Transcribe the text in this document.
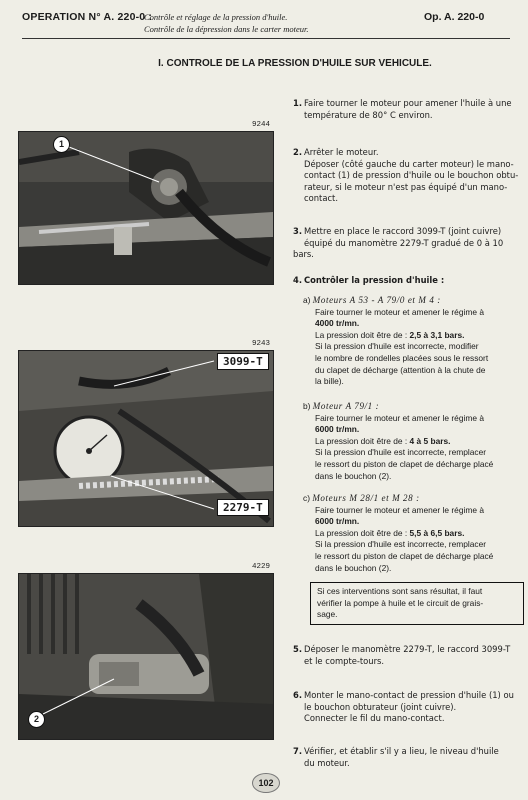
OPERATION N° A. 220-0 :
Contrôle et réglage de la pression d'huile.
Contrôle de la dépression dans le carter moteur.
Op. A. 220-0
I. CONTROLE DE LA PRESSION D'HUILE SUR VEHICULE.
9244
1
9243
3099-T
2279-T
4229
2
1. Faire tourner le moteur pour amener l'huile à une
température de 80° C environ.
2. Arrêter le moteur.
Déposer (côté gauche du carter moteur) le mano-
contact (1) de pression d'huile ou le bouchon obtu-
rateur, si le moteur n'est pas équipé d'un mano-
contact.
3. Mettre en place le raccord 3099-T (joint cuivre)
équipé du manomètre 2279-T gradué de 0 à 10 bars.
4. Contrôler la pression d'huile :
a) Moteurs A 53 - A 79/0 et M 4 :

Faire tourner le moteur et amener le régime à
4000 tr/mn.
La pression doit être de : 2,5 à 3,1 bars.
Si la pression d'huile est incorrecte, modifier
le nombre de rondelles placées sous le ressort
du clapet de décharge (attention à la chute de
la bille).
b) Moteur A 79/1 :

Faire tourner le moteur et amener le régime à
6000 tr/mn.
La pression doit être de : 4 à 5 bars.
Si la pression d'huile est incorrecte, remplacer
le ressort du piston de clapet de décharge placé
dans le bouchon (2).
c) Moteurs M 28/1 et M 28 :

Faire tourner le moteur et amener le régime à
6000 tr/mn.
La pression doit être de : 5,5 à 6,5 bars.
Si la pression d'huile est incorrecte, remplacer
le ressort du piston de clapet de décharge placé
dans le bouchon (2).
Si ces interventions sont sans résultat, il faut
vérifier la pompe à huile et le circuit de grais-
sage.
5. Déposer le manomètre 2279-T, le raccord 3099-T
et le compte-tours.
6. Monter le mano-contact de pression d'huile (1) ou
le bouchon obturateur (joint cuivre).
Connecter le fil du mano-contact.
7. Vérifier, et établir s'il y a lieu, le niveau d'huile
du moteur.
102
